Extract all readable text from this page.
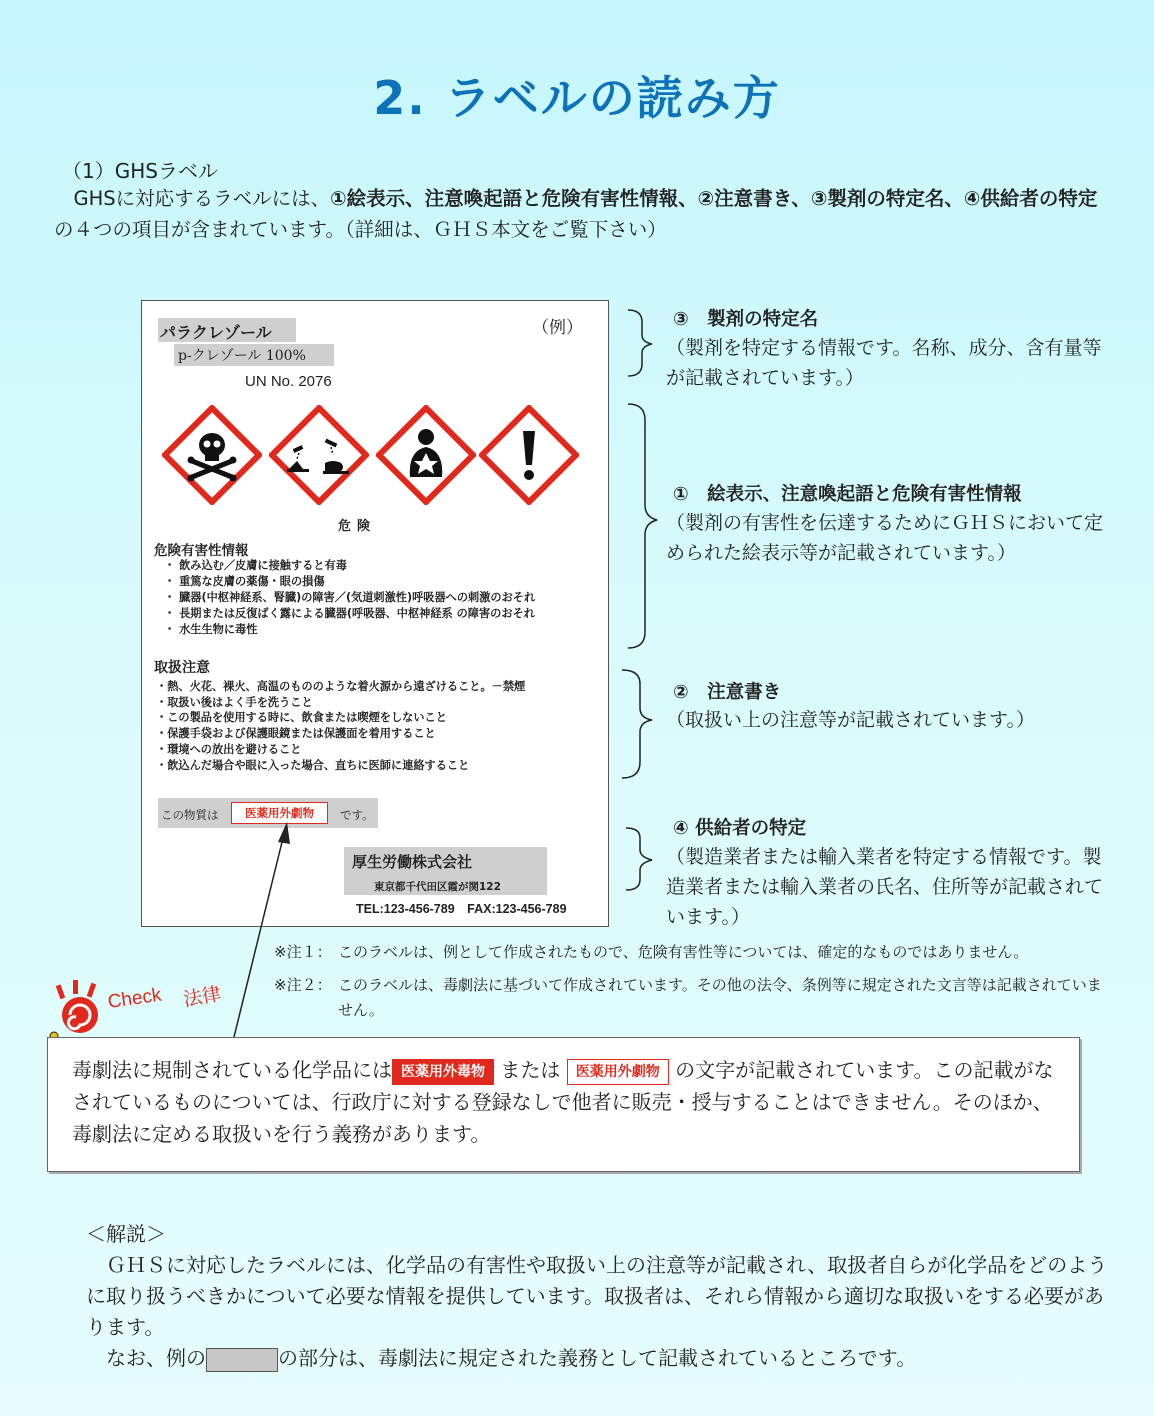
2. ラベルの読み方
（1）GHSラベル
　GHSに対応するラベルには、①絵表示、注意喚起語と危険有害性情報、②注意書き、③製剤の特定名、④供給者の特定の４つの項目が含まれています。（詳細は、ＧＨＳ本文をご覧下さい）
パラクレゾール	（例）
p-クレゾール 100%
UN No. 2076
危険
危険有害性情報
・ 飲み込む／皮膚に接触すると有毒
・ 重篤な皮膚の薬傷・眼の損傷
・ 臓器(中枢神経系、腎臓)の障害／(気道刺激性)呼吸器への刺激のおそれ
・ 長期または反復ばく露による臓器(呼吸器、中枢神経系 の障害のおそれ
・ 水生生物に毒性
取扱注意
・ 熱、火花、裸火、高温のもののような着火源から遠ざけること。－禁煙
・ 取扱い後はよく手を洗うこと
・ この製品を使用する時に、飲食または喫煙をしないこと
・ 保護手袋および保護眼鏡または保護面を着用すること
・ 環境への放出を避けること
・ 飲込んだ場合や眼に入った場合、直ちに医師に連絡すること
この物質は	医薬用外劇物	です。
厚生労働株式会社
東京都千代田区霞が関122
TEL:123-456-789　FAX:123-456-789
③　製剤の特定名
（製剤を特定する情報です。名称、成分、含有量等が記載されています。）
①　絵表示、注意喚起語と危険有害性情報
（製剤の有害性を伝達するためにＧＨＳにおいて定められた絵表示等が記載されています。）
②　注意書き
（取扱い上の注意等が記載されています。）
④ 供給者の特定
（製造業者または輸入業者を特定する情報です。製造業者または輸入業者の氏名、住所等が記載されています。）
※注１： このラベルは、例として作成されたもので、危険有害性等については、確定的なものではありません。
※注２： このラベルは、毒劇法に基づいて作成されています。その他の法令、条例等に規定された文言等は記載されていません。
Check 法律
毒劇法に規制されている化学品には 医薬用外毒物 または 医薬用外劇物 の文字が記載されています。この記載がなされているものについては、行政庁に対する登録なしで他者に販売・授与することはできません。そのほか、毒劇法に定める取扱いを行う義務があります。
＜解説＞
　ＧＨＳに対応したラベルには、化学品の有害性や取扱い上の注意等が記載され、取扱者自らが化学品をどのように取り扱うべきかについて必要な情報を提供しています。取扱者は、それら情報から適切な取扱いをする必要があります。
　なお、例の	の部分は、毒劇法に規定された義務として記載されているところです。
